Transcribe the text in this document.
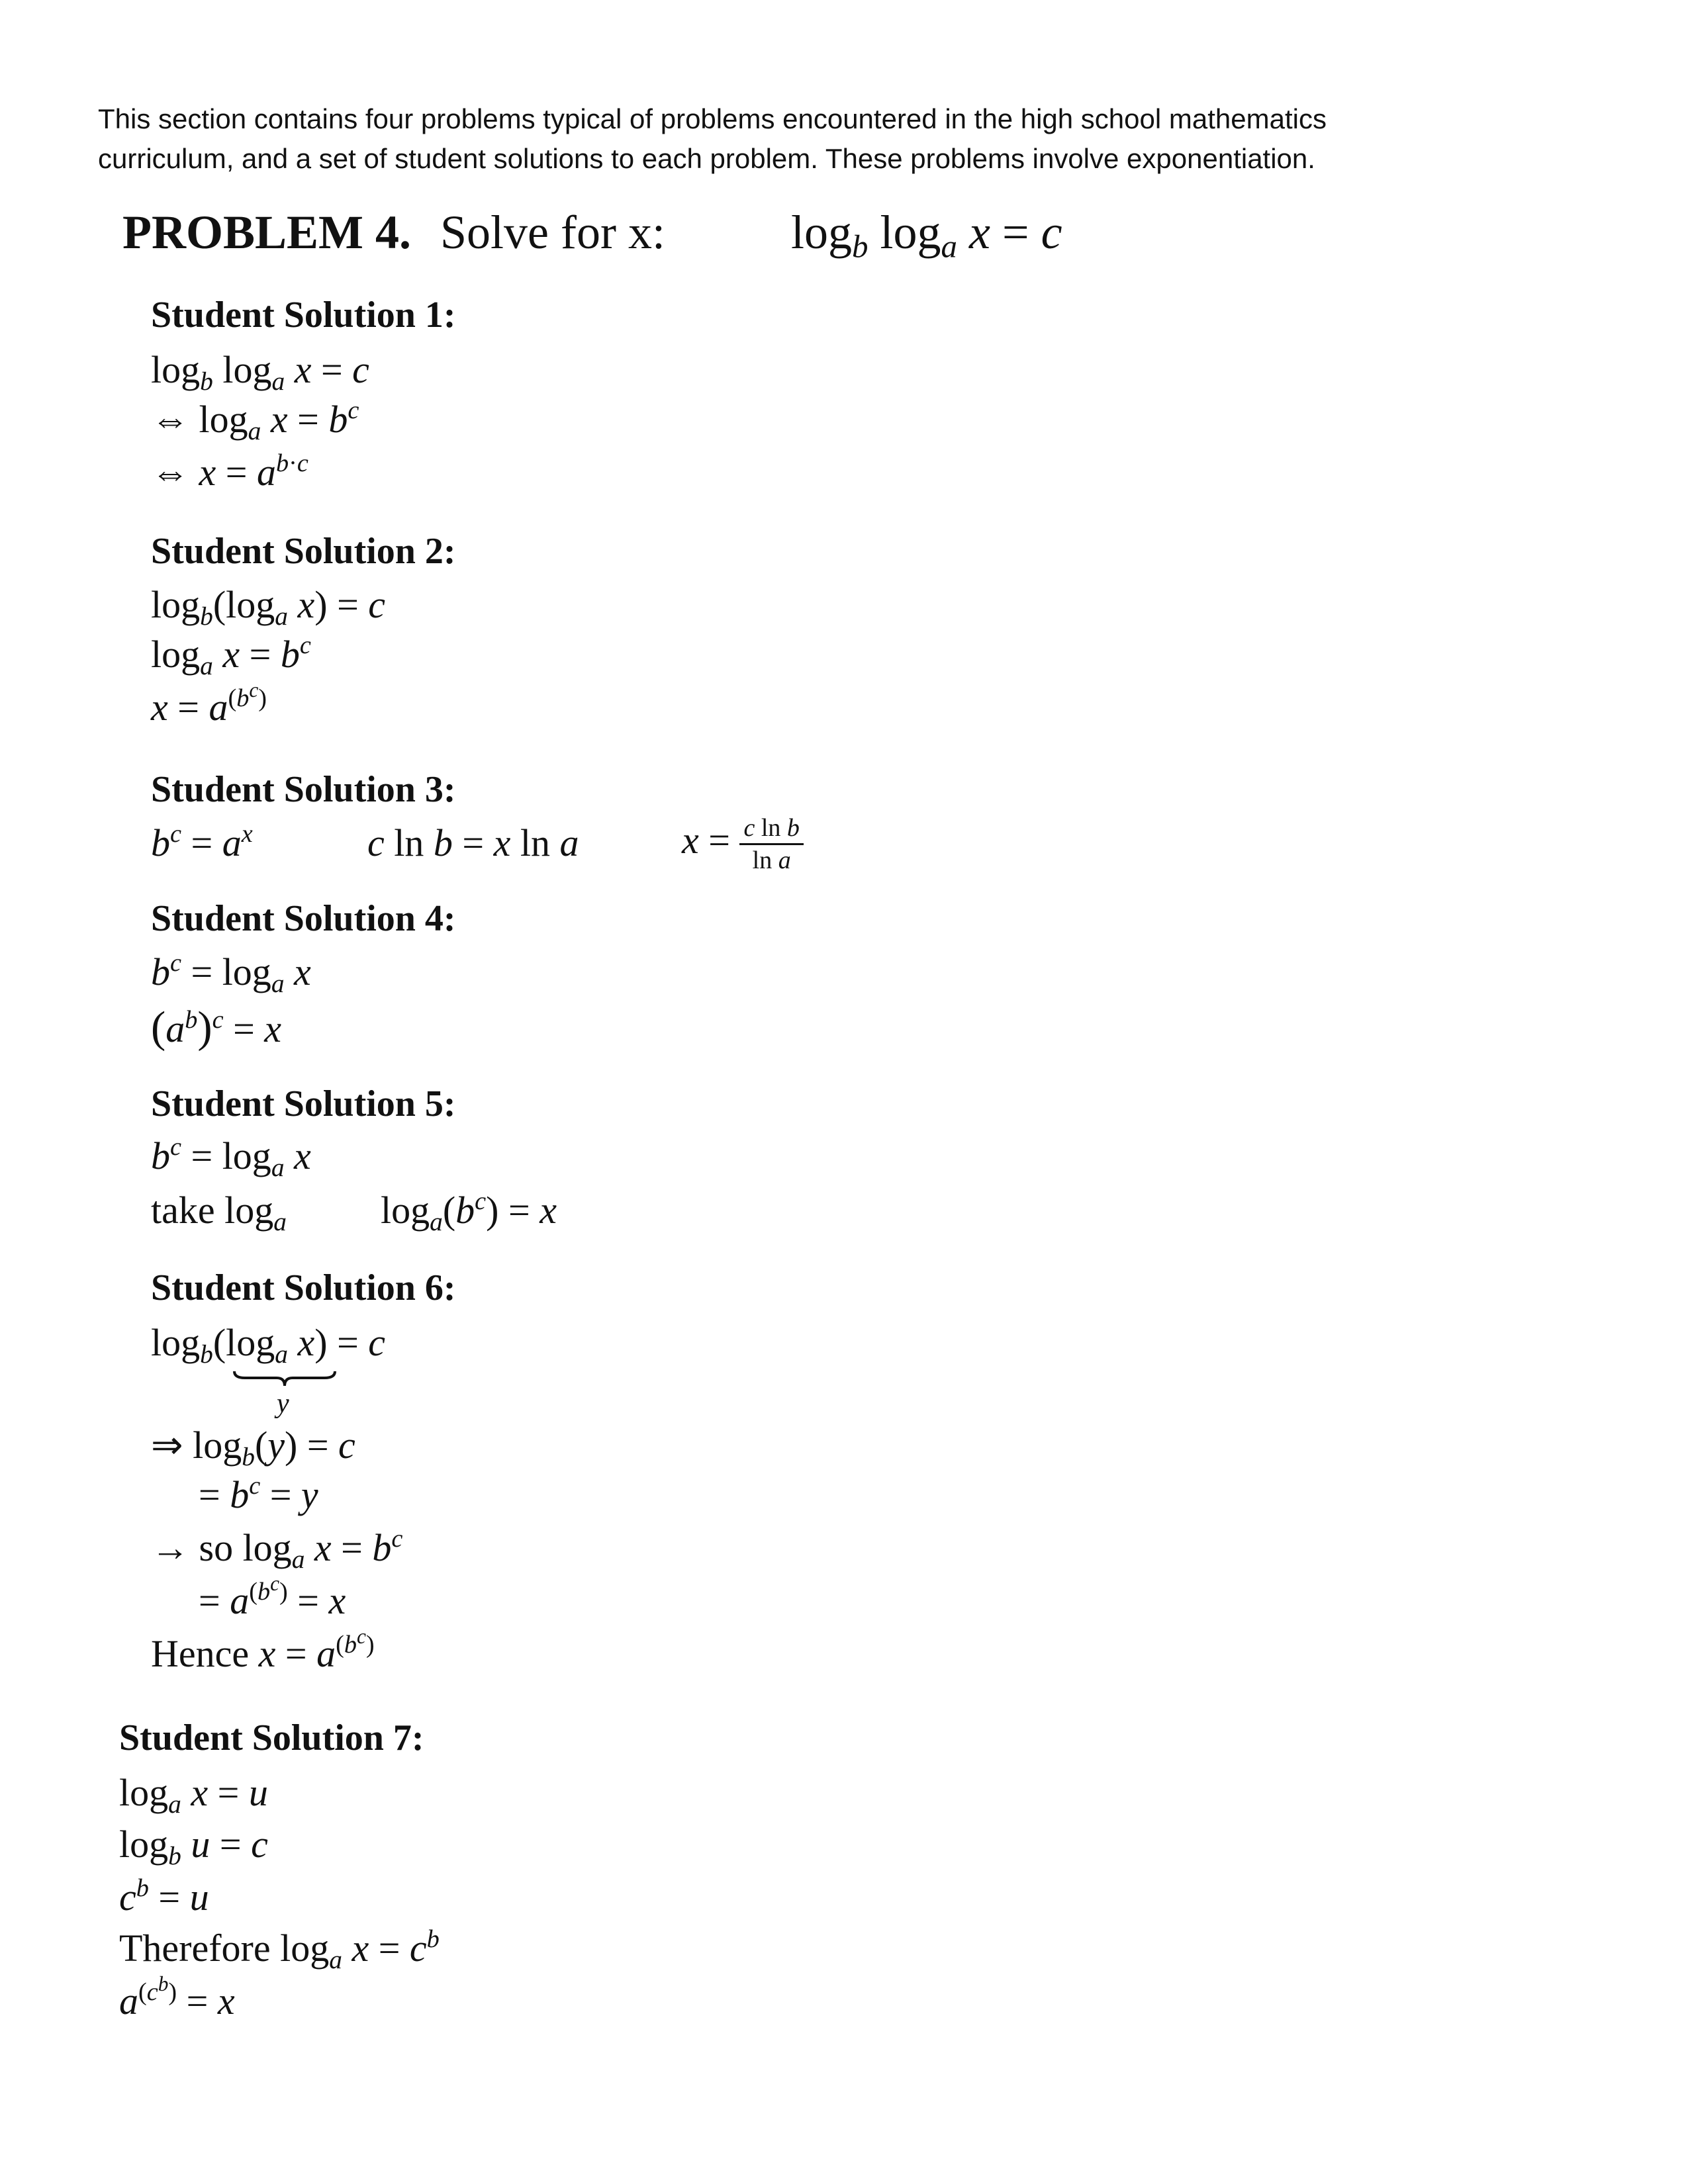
This section contains four problems typical of problems encountered in the high school mathematics

curriculum, and a set of student solutions to each problem. These problems involve exponentiation.

PROBLEM 4. Solve for x:	$\log_b \log_a x = c$
Student Solution 1:
$\log_b \log_a x = c$
⇔ $\log_a x = b^c$
⇔ $x = a^{b\cdot c}$
Student Solution 2:
$\log_b(\log_a$ x) = c
$\log_a x = b^c$
$x = a^{(b^c)}$
Student Solution 3:
$b^c = a^x$	c ln b = x ln a	$x = \frac{\text{c ln b}}{\text{ln a}}$
Student Solution 4:
$b^c = \log_a x$
$(a^b)^c = x$
Student Solution 5:
$b^c = \log_a x$
take $\log_a \log_a(b^c) = x$
Student Solution 6:
$\log_b(\log_a$ x) = c
y
⇒ $\log_b(y) = c$
= $b^c = y$
→ so $\log_a x = b^c$
= $a^{(b^c)} = x$
Hence $x = a^{(b^c)}$
Student Solution 7:
$\log_a x = u$
$\log_b u = c$
$c^b = u$
Therefore $\log_a x = c^b$
$a^{(c^b)} = x$
